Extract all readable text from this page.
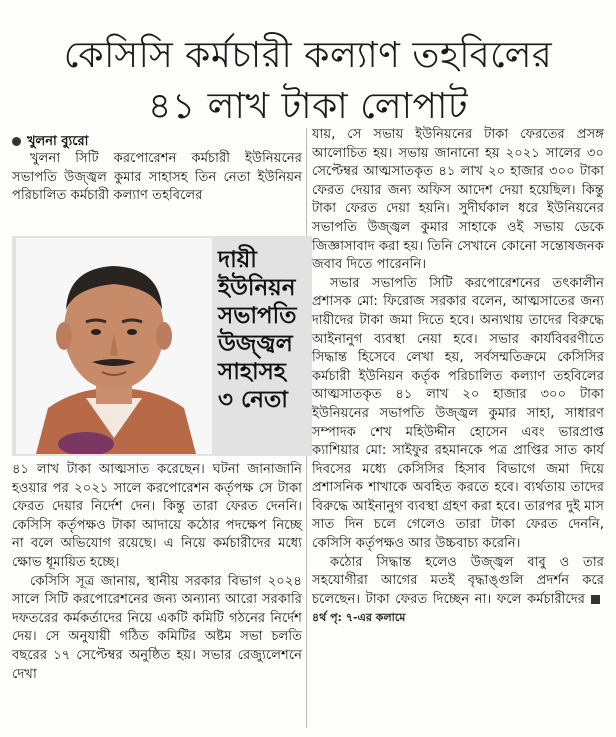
কেসিসি কর্মচারী কল্যাণ তহবিলের
৪১ লাখ টাকা লোপাট
খুলনা ব্যুরো

খুলনা সিটি করপোরেশন কর্মচারী ইউনিয়নের সভাপতি উজ্জ্বল কুমার সাহাসহ তিন নেতা ইউনিয়ন পরিচালিত কর্মচারী কল্যাণ তহবিলের

দায়ী
ইউনিয়ন
সভাপতি
উজ্জ্বল
সাহাসহ
৩ নেতা

৪১ লাখ টাকা আত্মসাত করেছেন। ঘটনা জানাজানি হওয়ার পর ২০২১ সালে করপোরেশন কর্তৃপক্ষ সে টাকা ফেরত দেয়ার নির্দেশ দেন। কিন্তু তারা ফেরত দেননি। কেসিসি কর্তৃপক্ষও টাকা আদায়ে কঠোর পদক্ষেপ নিচ্ছে না বলে অভিযোগ রয়েছে। এ নিয়ে কর্মচারীদের মধ্যে ক্ষোভ ধূমায়িত হচ্ছে।

কেসিসি সূত্র জানায়, স্থানীয় সরকার বিভাগ ২০২৪ সালে সিটি করপোরেশনের জন্য অন্যান্য আরো সরকারি দফতরের কর্মকর্তাদের নিয়ে একটি কমিটি গঠনের নির্দেশ দেয়। সে অনুযায়ী গঠিত কমিটির অষ্টম সভা চলতি বছরের ১৭ সেপ্টেম্বর অনুষ্ঠিত হয়। সভার রেজ্যুলেশনে দেখা

যায়, সে সভায় ইউনিয়নের টাকা ফেরতের প্রসঙ্গ আলোচিত হয়। সভায় জানানো হয় ২০২১ সালের ৩০ সেপ্টেম্বর আত্মসাতকৃত ৪১ লাখ ২০ হাজার ৩০০ টাকা ফেরত দেয়ার জন্য অফিস আদেশ দেয়া হয়েছিল। কিন্তু টাকা ফেরত দেয়া হয়নি। সুদীর্ঘকাল ধরে ইউনিয়নের সভাপতি উজ্জ্বল কুমার সাহাকে ওই সভায় ডেকে জিজ্ঞাসাবাদ করা হয়। তিনি সেখানে কোনো সন্তোষজনক জবাব দিতে পারেননি।

সভার সভাপতি সিটি করপোরেশনের তৎকালীন প্রশাসক মো: ফিরোজ সরকার বলেন, আত্মসাতের জন্য দায়ীদের টাকা জমা দিতে হবে। অন্যথায় তাদের বিরুদ্ধে আইনানুগ ব্যবস্থা নেয়া হবে। সভার কার্যবিবরণীতে সিদ্ধান্ত হিসেবে লেখা হয়, সর্বসম্মতিক্রমে কেসিসির কর্মচারী ইউনিয়ন কর্তৃক পরিচালিত কল্যাণ তহবিলের আত্মসাতকৃত ৪১ লাখ ২০ হাজার ৩০০ টাকা ইউনিয়নের সভাপতি উজ্জ্বল কুমার সাহা, সাধারণ সম্পাদক শেখ মহিউদ্দীন হোসেন এবং ভারপ্রাপ্ত ক্যাশিয়ার মো: সাইফুর রহমানকে পত্র প্রাপ্তির সাত কার্য দিবসের মধ্যে কেসিসির হিসাব বিভাগে জমা দিয়ে প্রশাসনিক শাখাকে অবহিত করতে হবে। ব্যর্থতায় তাদের বিরুদ্ধে আইনানুগ ব্যবস্থা গ্রহণ করা হবে। তারপর দুই মাস সাত দিন চলে গেলেও তারা টাকা ফেরত দেননি, কেসিসি কর্তৃপক্ষও আর উচ্চবাচ্য করেনি।

কঠোর সিদ্ধান্ত হলেও উজ্জ্বল বাবু ও তার সহযোগীরা আগের মতই বৃদ্ধাঙ্গুলি প্রদর্শন করে চলেছেন। টাকা ফেরত দিচ্ছেন না। ফলে কর্মচারীদের৪র্থ পৃ: ৭-এর কলামে
